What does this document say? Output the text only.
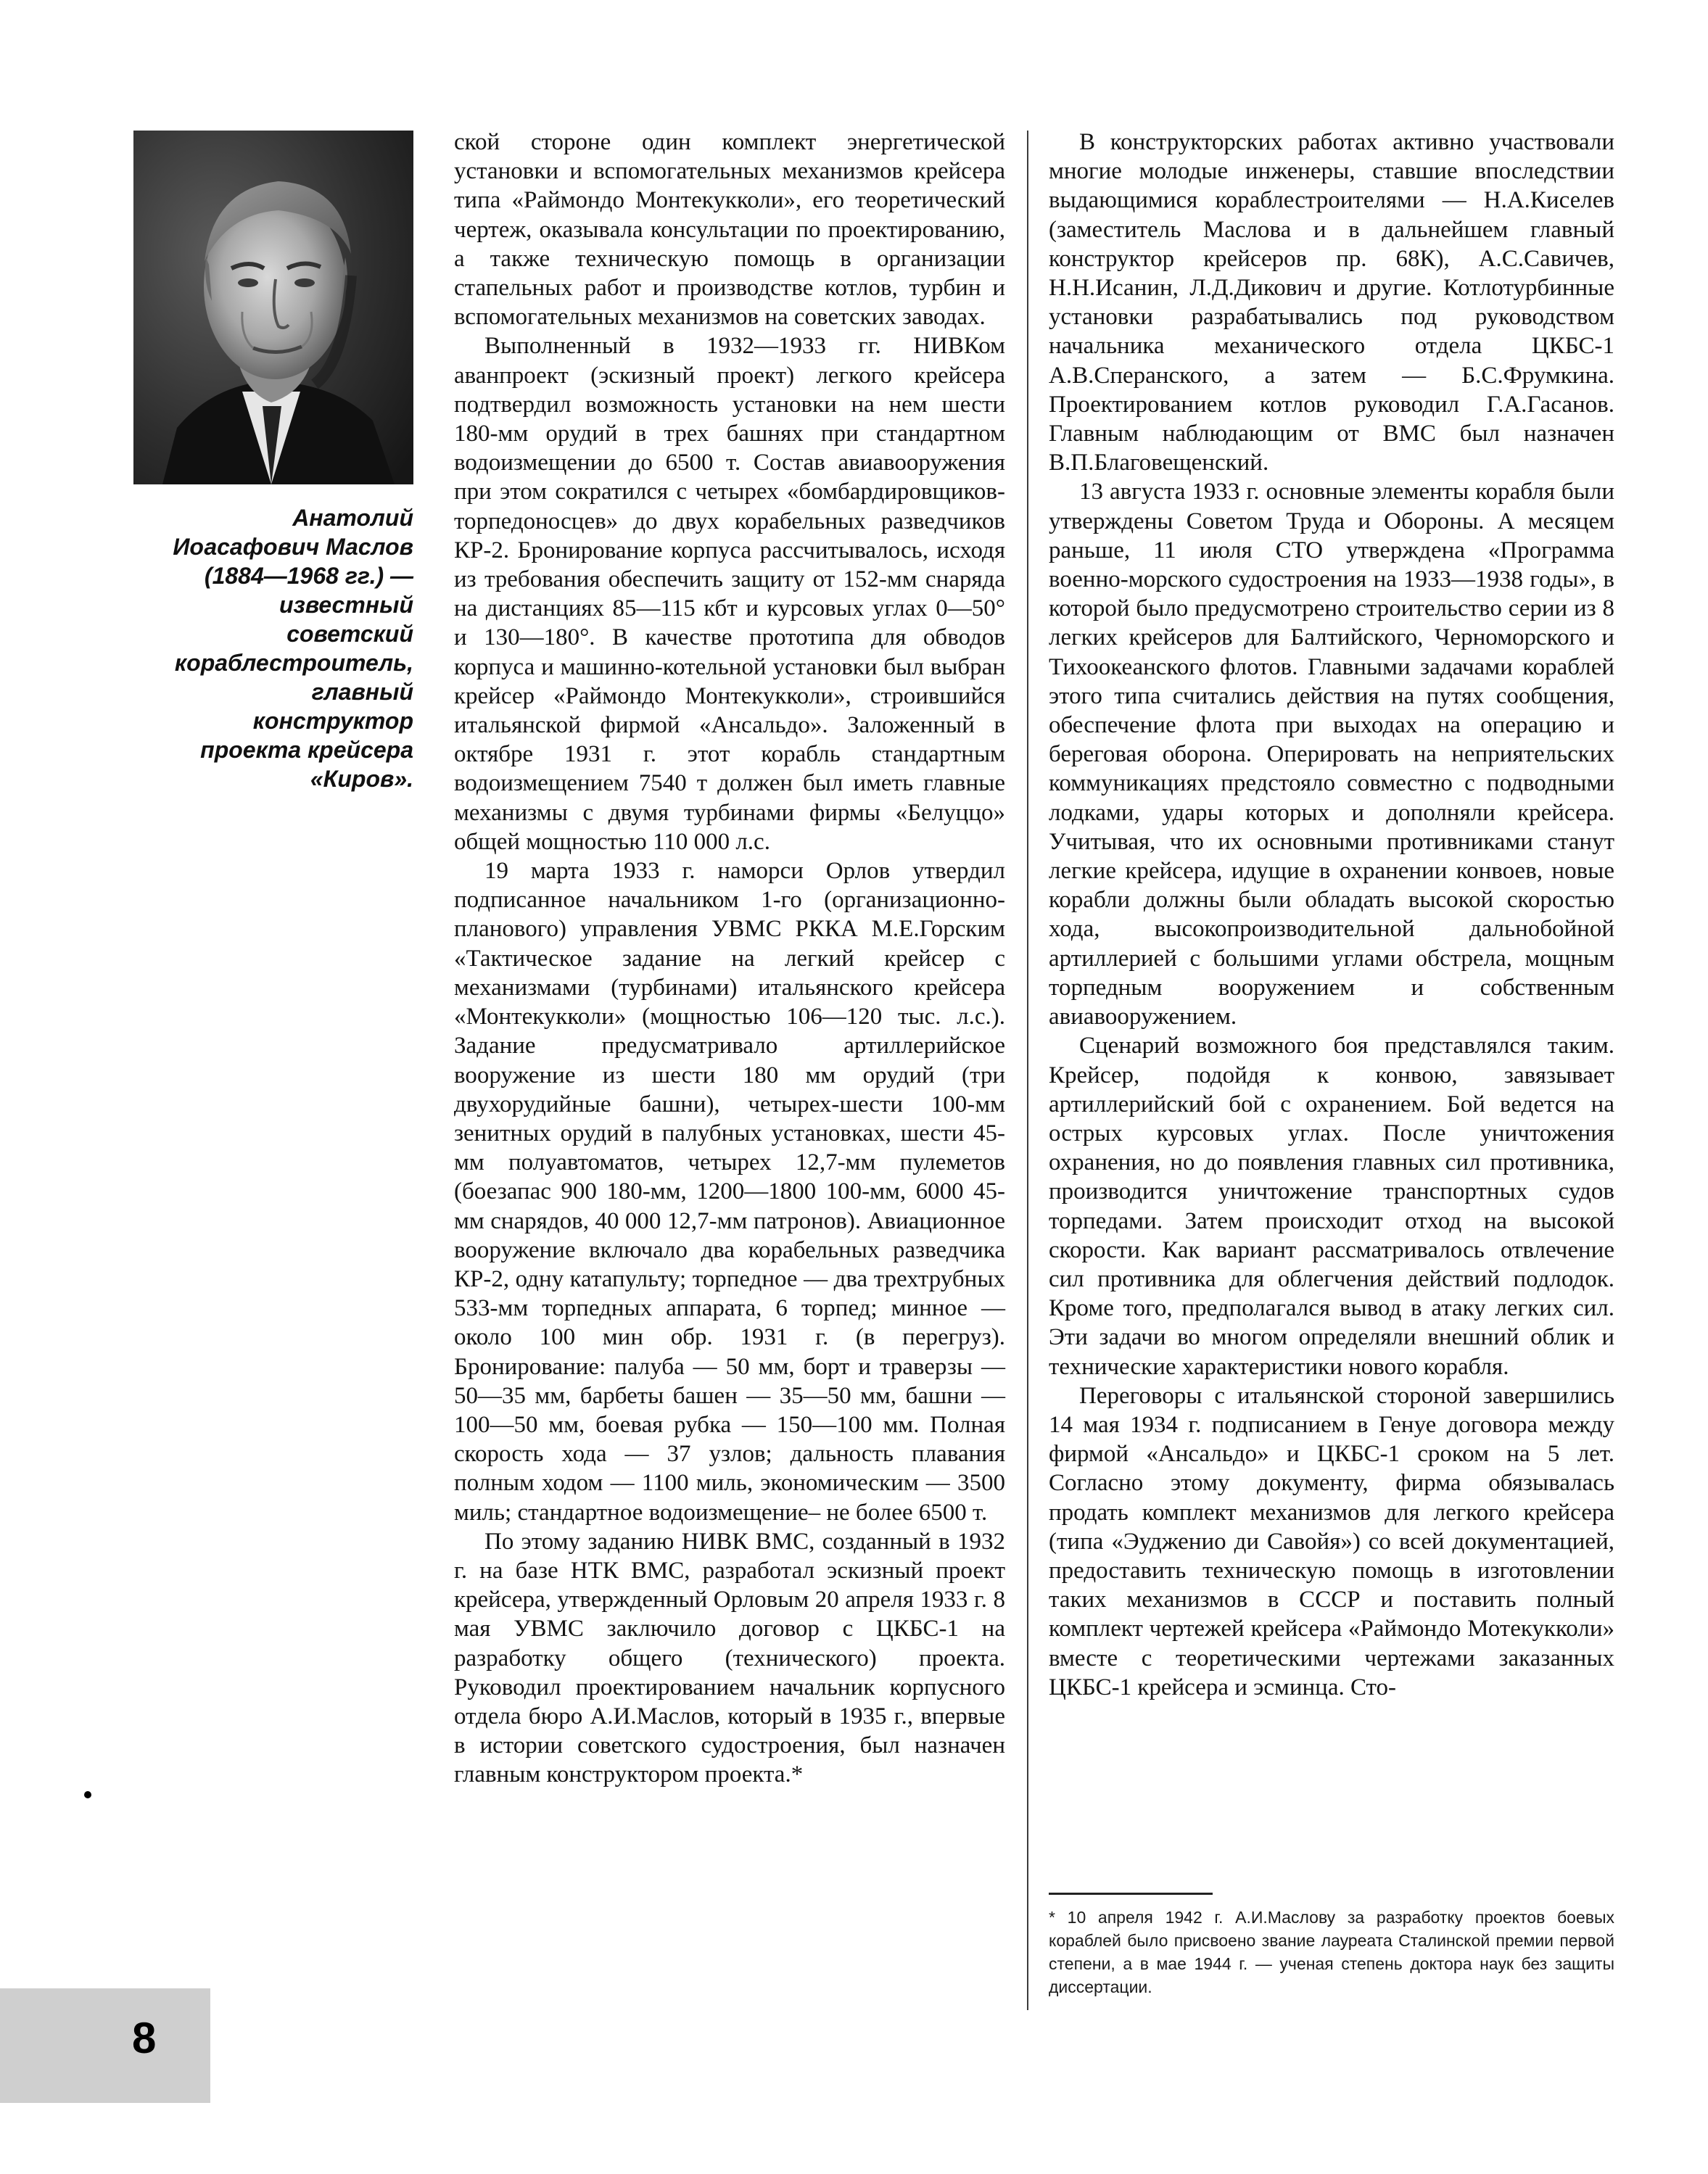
Анатолий
Иоасафович Маслов
(1884—1968 гг.) —
известный
советский
кораблестроитель,
главный
конструктор
проекта крейсера
«Киров».

ской стороне один комплект энергетической установки и вспомогательных механизмов крейсера типа «Раймондо Монтекукколи», его теоретический чертеж, оказывала консультации по проектированию, а также техническую помощь в организации стапельных работ и производстве котлов, турбин и вспомогательных механизмов на советских заводах.

Выполненный в 1932—1933 гг. НИВКом аванпроект (эскизный проект) легкого крейсера подтвердил возможность установки на нем шести 180-мм орудий в трех башнях при стандартном водоизмещении до 6500 т. Состав авиавооружения при этом сократился с четырех «бомбардировщиков-торпедоносцев» до двух корабельных разведчиков КР-2. Бронирование корпуса рассчитывалось, исходя из требования обеспечить защиту от 152-мм снаряда на дистанциях 85—115 кбт и курсовых углах 0—50° и 130—180°. В качестве прототипа для обводов корпуса и машинно-котельной установки был выбран крейсер «Раймондо Монтекукколи», строившийся итальянской фирмой «Ансальдо». Заложенный в октябре 1931 г. этот корабль стандартным водоизмещением 7540 т должен был иметь главные механизмы с двумя турбинами фирмы «Белуццо» общей мощностью 110 000 л.с.

19 марта 1933 г. наморси Орлов утвердил подписанное начальником 1-го (организационно-планового) управления УВМС РККА М.Е.Горским «Тактическое задание на легкий крейсер с механизмами (турбинами) итальянского крейсера «Монтекукколи» (мощностью 106—120 тыс. л.с.). Задание предусматривало артиллерийское вооружение из шести 180 мм орудий (три двухорудийные башни), четырех-шести 100-мм зенитных орудий в палубных установках, шести 45-мм полуавтоматов, четырех 12,7-мм пулеметов (боезапас 900 180-мм, 1200—1800 100-мм, 6000 45-мм снарядов, 40 000 12,7-мм патронов). Авиационное вооружение включало два корабельных разведчика КР-2, одну катапульту; торпедное — два трехтрубных 533-мм торпедных аппарата, 6 торпед; минное — около 100 мин обр. 1931 г. (в перегруз). Бронирование: палуба — 50 мм, борт и траверзы — 50—35 мм, барбеты башен — 35—50 мм, башни — 100—50 мм, боевая рубка — 150—100 мм. Полная скорость хода — 37 узлов; дальность плавания полным ходом — 1100 миль, экономическим — 3500 миль; стандартное водоизмещение– не более 6500 т.

По этому заданию НИВК ВМС, созданный в 1932 г. на базе НТК ВМС, разработал эскизный проект крейсера, утвержденный Орловым 20 апреля 1933 г. 8 мая УВМС заключило договор с ЦКБС-1 на разработку общего (технического) проекта. Руководил проектированием начальник корпусного отдела бюро А.И.Маслов, который в 1935 г., впервые в истории советского судостроения, был назначен главным конструктором проекта.*

В конструкторских работах активно участвовали многие молодые инженеры, ставшие впоследствии выдающимися кораблестроителями — Н.А.Киселев (заместитель Маслова и в дальнейшем главный конструктор крейсеров пр. 68К), А.С.Савичев, Н.Н.Исанин, Л.Д.Дикович и другие. Котлотурбинные установки разрабатывались под руководством начальника механического отдела ЦКБС-1 А.В.Сперанского, а затем — Б.С.Фрумкина. Проектированием котлов руководил Г.А.Гасанов. Главным наблюдающим от ВМС был назначен В.П.Благовещенский.

13 августа 1933 г. основные элементы корабля были утверждены Советом Труда и Обороны. А месяцем раньше, 11 июля СТО утверждена «Программа военно-морского судостроения на 1933—1938 годы», в которой было предусмотрено строительство серии из 8 легких крейсеров для Балтийского, Черноморского и Тихоокеанского флотов. Главными задачами кораблей этого типа считались действия на путях сообщения, обеспечение флота при выходах на операцию и береговая оборона. Оперировать на неприятельских коммуникациях предстояло совместно с подводными лодками, удары которых и дополняли крейсера. Учитывая, что их основными противниками станут легкие крейсера, идущие в охранении конвоев, новые корабли должны были обладать высокой скоростью хода, высокопроизводительной дальнобойной артиллерией с большими углами обстрела, мощным торпедным вооружением и собственным авиавооружением.

Сценарий возможного боя представлялся таким. Крейсер, подойдя к конвою, завязывает артиллерийский бой с охранением. Бой ведется на острых курсовых углах. После уничтожения охранения, но до появления главных сил противника, производится уничтожение транспортных судов торпедами. Затем происходит отход на высокой скорости. Как вариант рассматривалось отвлечение сил противника для облегчения действий подлодок. Кроме того, предполагался вывод в атаку легких сил. Эти задачи во многом определяли внешний облик и технические характеристики нового корабля.

Переговоры с итальянской стороной завершились 14 мая 1934 г. подписанием в Генуе договора между фирмой «Ансальдо» и ЦКБС-1 сроком на 5 лет. Согласно этому документу, фирма обязывалась продать комплект механизмов для легкого крейсера (типа «Эудженио ди Савойя») со всей документацией, предоставить техническую помощь в изготовлении таких механизмов в СССР и поставить полный комплект чертежей крейсера «Раймондо Мотекукколи» вместе с теоретическими чертежами заказанных ЦКБС-1 крейсера и эсминца. Сто-

* 10 апреля 1942 г. А.И.Маслову за разработку проектов боевых кораблей было присвоено звание лауреата Сталинской премии первой степени, а в мае 1944 г. — ученая степень доктора наук без защиты диссертации.
8
